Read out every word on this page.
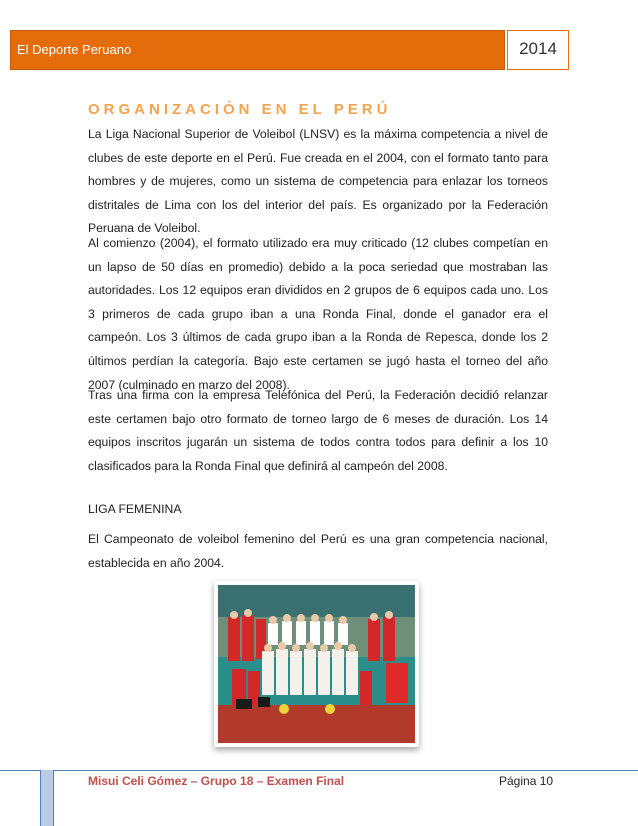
El Deporte Peruano	2014
ORGANIZACIÓN EN EL PERÚ

La Liga Nacional Superior de Voleibol (LNSV) es la máxima competencia a nivel de clubes de este deporte en el Perú. Fue creada en el 2004, con el formato tanto para hombres y de mujeres, como un sistema de competencia para enlazar los torneos distritales de Lima con los del interior del país. Es organizado por la Federación Peruana de Voleibol.

Al comienzo (2004), el formato utilizado era muy criticado (12 clubes competían en un lapso de 50 días en promedio) debido a la poca seriedad que mostraban las autoridades. Los 12 equipos eran divididos en 2 grupos de 6 equipos cada uno. Los 3 primeros de cada grupo iban a una Ronda Final, donde el ganador era el campeón. Los 3 últimos de cada grupo iban a la Ronda de Repesca, donde los 2 últimos perdían la categoría. Bajo este certamen se jugó hasta el torneo del año 2007 (culminado en marzo del 2008).

Tras una firma con la empresa Telefónica del Perú, la Federación decidió relanzar este certamen bajo otro formato de torneo largo de 6 meses de duración. Los 14 equipos inscritos jugarán un sistema de todos contra todos para definir a los 10 clasificados para la Ronda Final que definirá al campeón del 2008.

LIGA FEMENINA

El Campeonato de voleibol femenino del Perú es una gran competencia nacional, establecida en año 2004.

Misui Celi Gómez – Grupo 18 – Examen Final	Página 10
